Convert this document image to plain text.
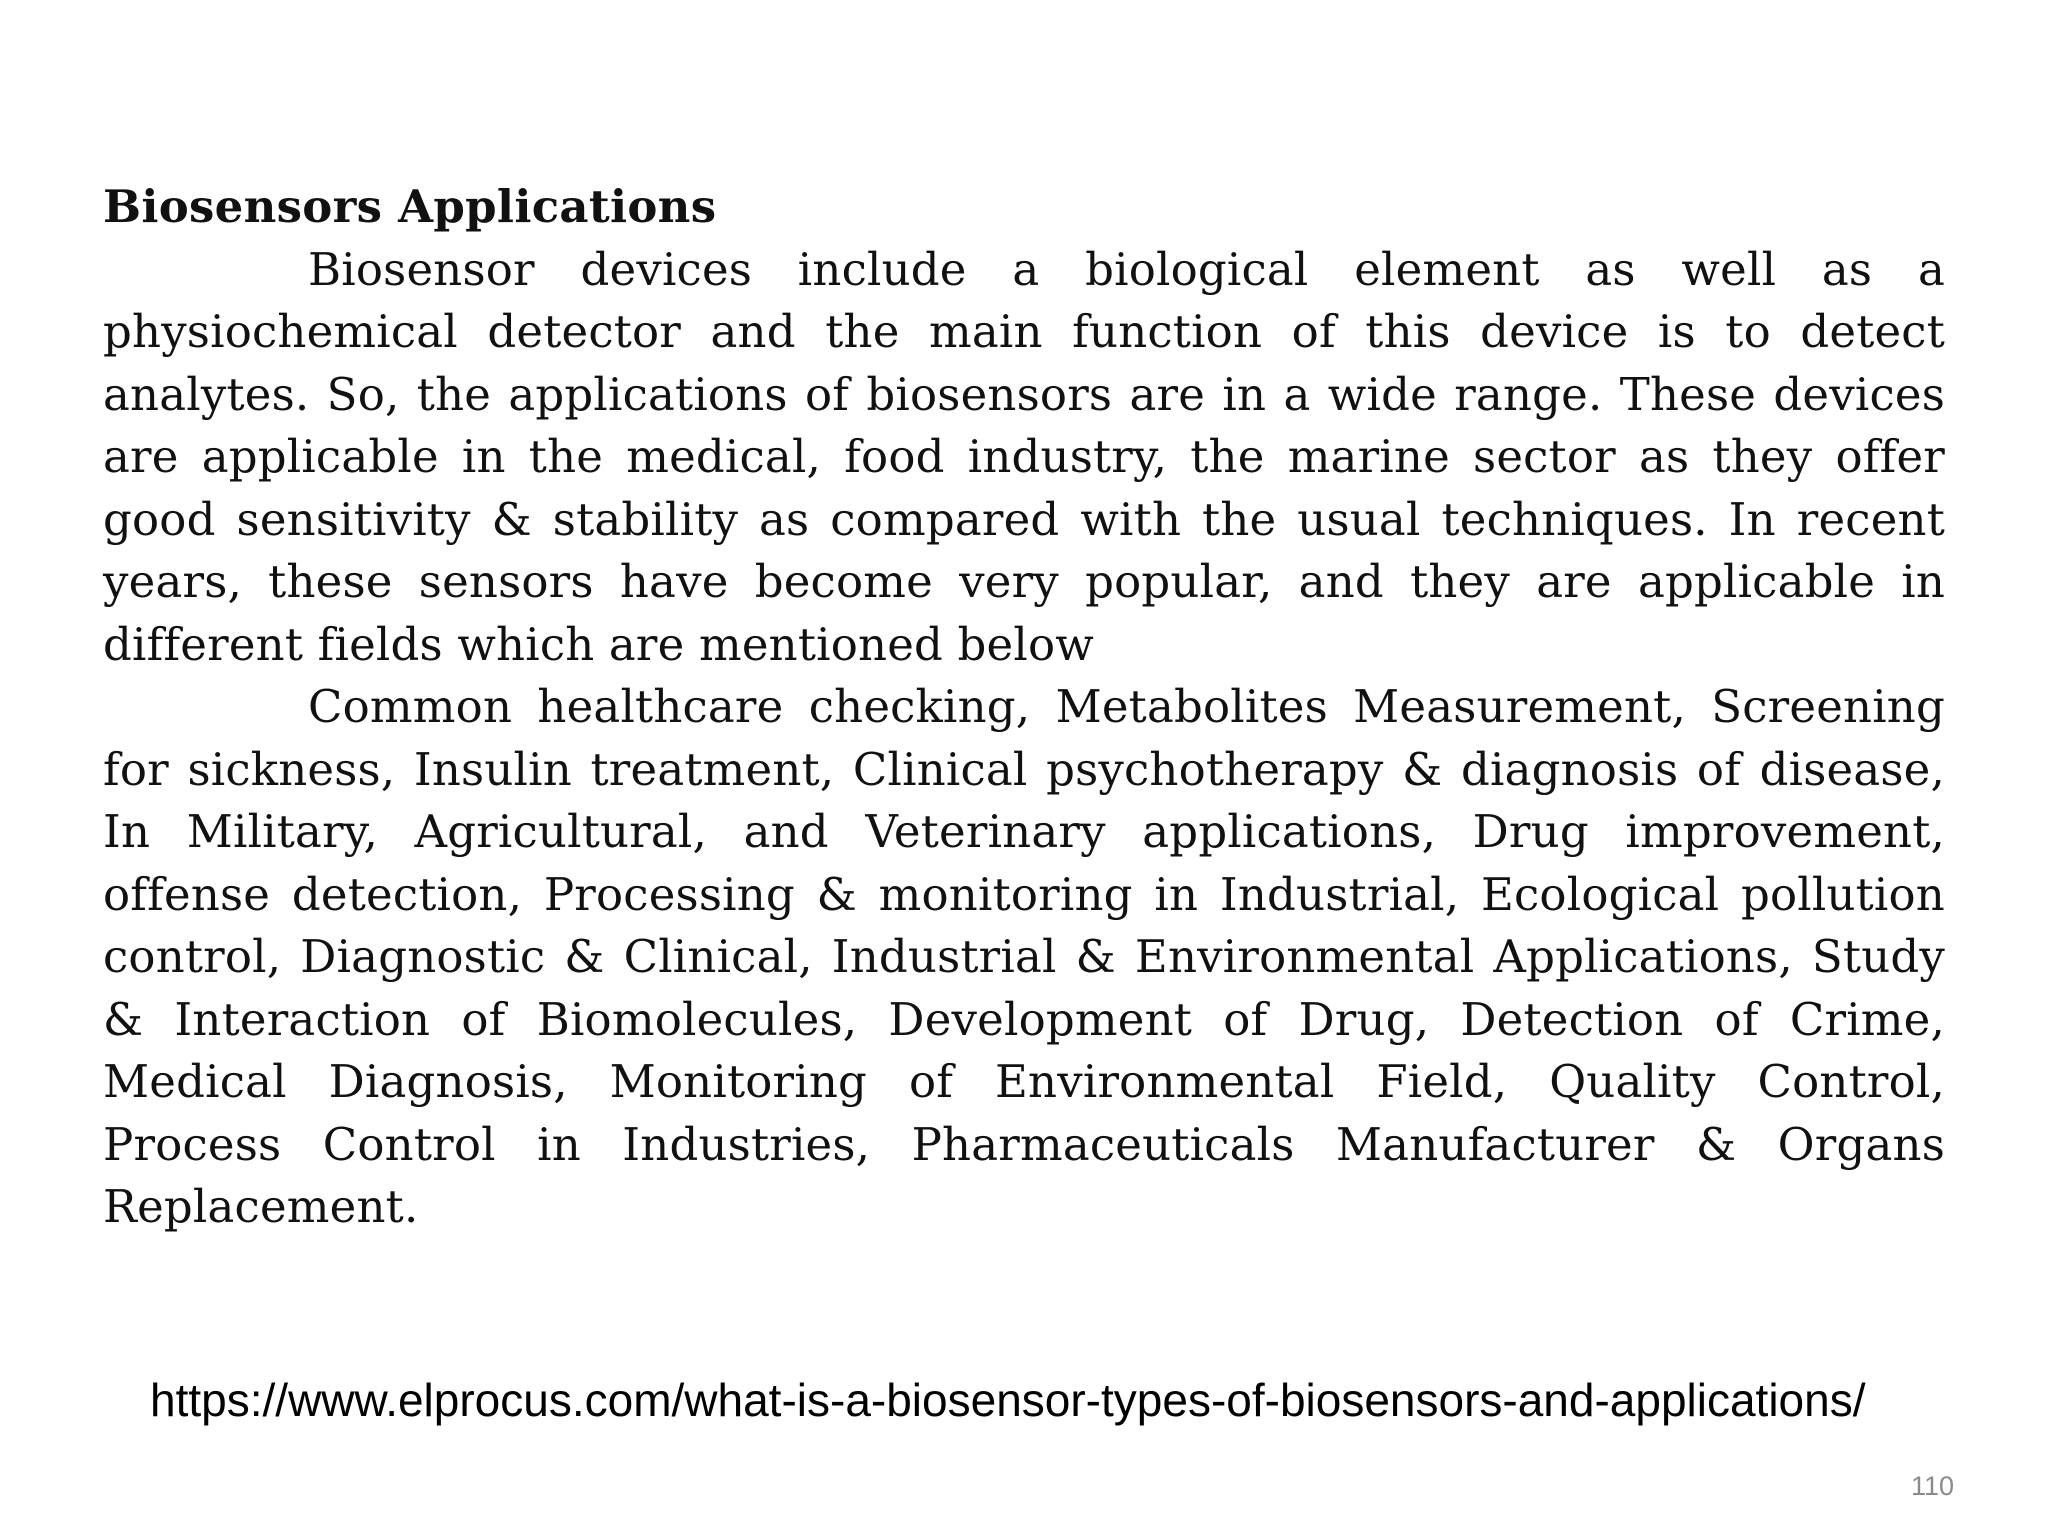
Biosensors Applications

Biosensor devices include a biological element as well as a physiochemical detector and the main function of this device is to detect analytes. So, the applications of biosensors are in a wide range. These devices are applicable in the medical, food industry, the marine sector as they offer good sensitivity & stability as compared with the usual techniques. In recent years, these sensors have become very popular, and they are applicable in different fields which are mentioned below

Common healthcare checking, Metabolites Measurement, Screening for sickness, Insulin treatment, Clinical psychotherapy & diagnosis of disease, In Military, Agricultural, and Veterinary applications, Drug improvement, offense detection, Processing & monitoring in Industrial, Ecological pollution control, Diagnostic & Clinical, Industrial & Environmental Applications, Study & Interaction of Biomolecules, Development of Drug, Detection of Crime, Medical Diagnosis, Monitoring of Environmental Field, Quality Control, Process Control in Industries, Pharmaceuticals Manufacturer & Organs Replacement.

https://www.elprocus.com/what-is-a-biosensor-types-of-biosensors-and-applications/
110
